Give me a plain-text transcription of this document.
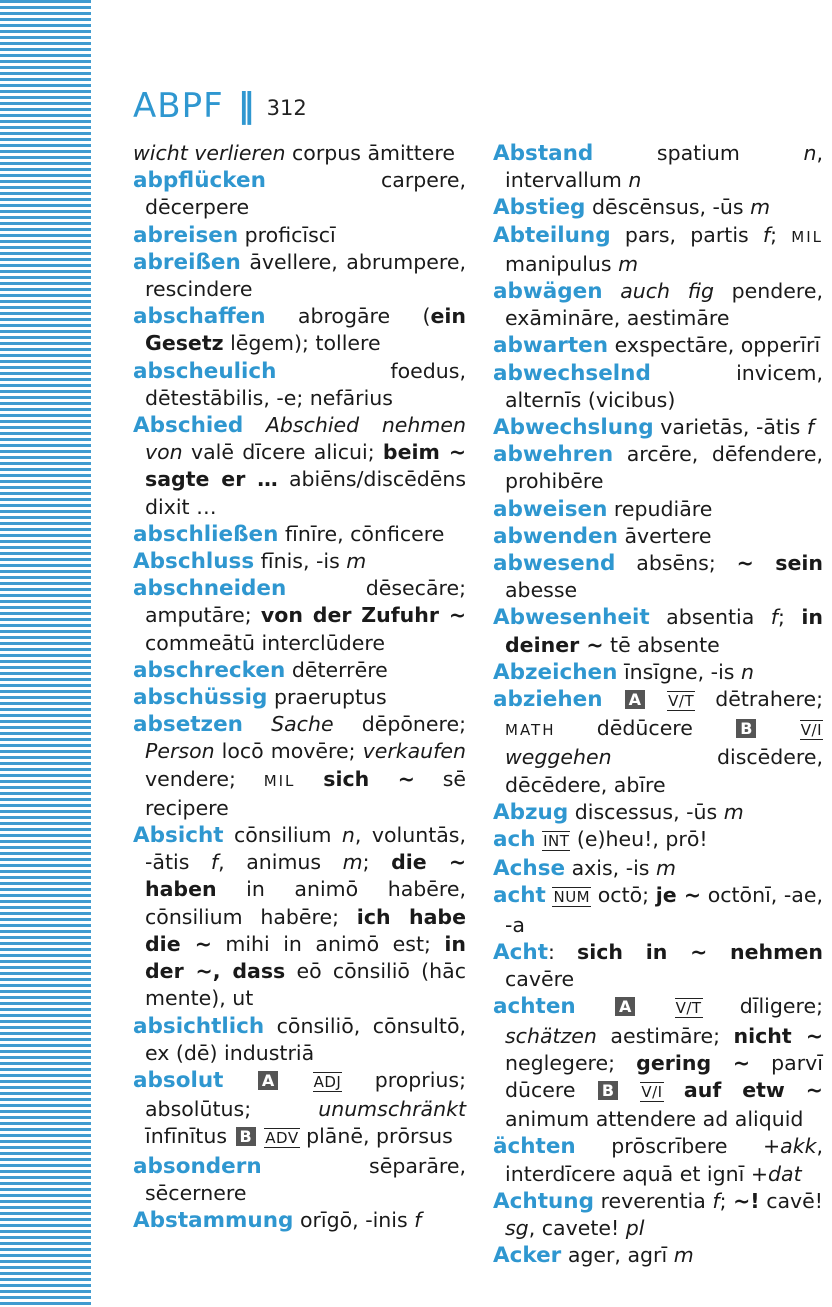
ABPF ‖ 312

wicht verlieren corpus āmittere

abpflücken carpere, dēcerpere

abreisen proficīscī

abreißen āvellere, abrumpere, rescindere

abschaffen abrogāre (ein Gesetz lēgem); tollere

abscheulich foedus, dētestābilis, -e; nefārius

Abschied Abschied nehmen von valē dīcere alicui; beim ~ sagte er … abiēns/discēdēns dixit …

abschließen fīnīre, cōnficere

Abschluss fīnis, -is m

abschneiden dēsecāre; amputāre; von der Zufuhr ~ commeātū interclūdere

abschrecken dēterrēre

abschüssig praeruptus

absetzen Sache dēpōnere; Person locō movēre; verkaufen vendere; MIL sich ~ sē recipere

Absicht cōnsilium n, voluntās, -ātis f, animus m; die ~ haben in animō habēre, cōnsilium habēre; ich habe die ~ mihi in animō est; in der ~, dass eō cōnsiliō (hāc mente), ut

absichtlich cōnsiliō, cōnsultō, ex (dē) industriā

absolut A	ADJ proprius; absolūtus; unumschränkt īnfīnītus B ADV plānē, prōrsus

absondern sēparāre, sēcernere

Abstammung orīgō, -inis f

Abstand spatium n, intervallum n

Abstieg dēscēnsus, -ūs m

Abteilung pars, partis f; MIL manipulus m

abwägen auch fig pendere, exāmināre, aestimāre

abwarten exspectāre, opperīrī

abwechselnd invicem, alternīs (vicibus)

Abwechslung varietās, -ātis f

abwehren arcēre, dēfendere, prohibēre

abweisen repudiāre

abwenden āvertere

abwesend absēns; ~ sein abesse

Abwesenheit absentia f; in deiner ~ tē absente

Abzeichen īnsīgne, -is n

abziehen A V/T dētrahere; MATH dēdūcere B	V/I weggehen discēdere, dēcēdere, abīre

Abzug discessus, -ūs m

ach INT (e)heu!, prō!

Achse axis, -is m

acht NUM octō; je ~ octōnī, -ae, -a

Acht: sich in ~ nehmen cavēre

achten	A	V/T dīligere; schätzen aestimāre; nicht ~ neglegere; gering ~ parvī dūcere B V/I auf etw ~ animum attendere ad aliquid

ächten prōscrībere +akk, interdīcere aquā et ignī +dat

Achtung reverentia f; ~! cavē! sg, cavete! pl

Acker ager, agrī m
